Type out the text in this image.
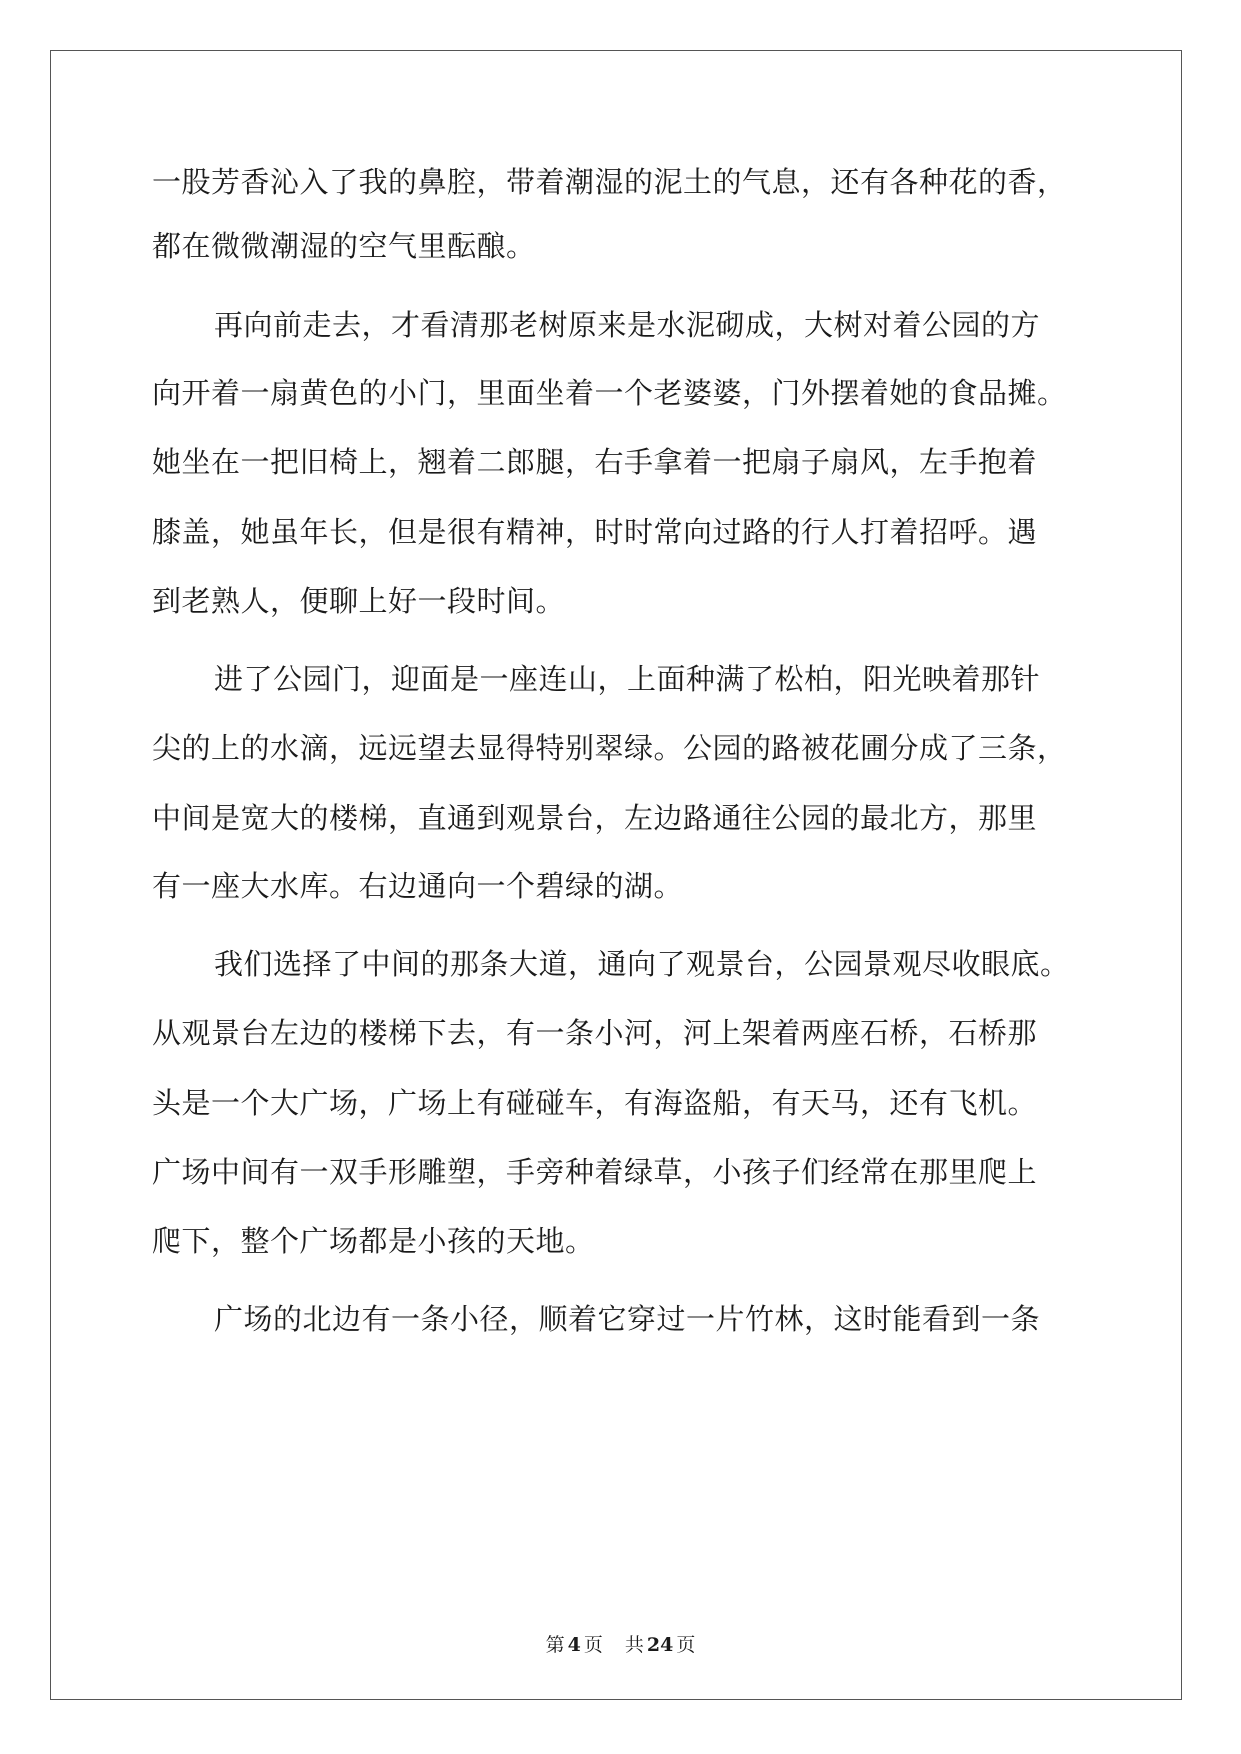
一股芳香沁入了我的鼻腔，带着潮湿的泥土的气息，还有各种花的香，
都在微微潮湿的空气里酝酿。
再向前走去，才看清那老树原来是水泥砌成，大树对着公园的方
向开着一扇黄色的小门，里面坐着一个老婆婆，门外摆着她的食品摊。
她坐在一把旧椅上，翘着二郎腿，右手拿着一把扇子扇风，左手抱着
膝盖，她虽年长，但是很有精神，时时常向过路的行人打着招呼。遇
到老熟人，便聊上好一段时间。
进了公园门，迎面是一座连山，上面种满了松柏，阳光映着那针
尖的上的水滴，远远望去显得特别翠绿。公园的路被花圃分成了三条，
中间是宽大的楼梯，直通到观景台，左边路通往公园的最北方，那里
有一座大水库。右边通向一个碧绿的湖。
我们选择了中间的那条大道，通向了观景台，公园景观尽收眼底。
从观景台左边的楼梯下去，有一条小河，河上架着两座石桥，石桥那
头是一个大广场，广场上有碰碰车，有海盗船，有天马，还有飞机。
广场中间有一双手形雕塑，手旁种着绿草，小孩子们经常在那里爬上
爬下，整个广场都是小孩的天地。
广场的北边有一条小径，顺着它穿过一片竹林，这时能看到一条
第 4 页 共 24 页
